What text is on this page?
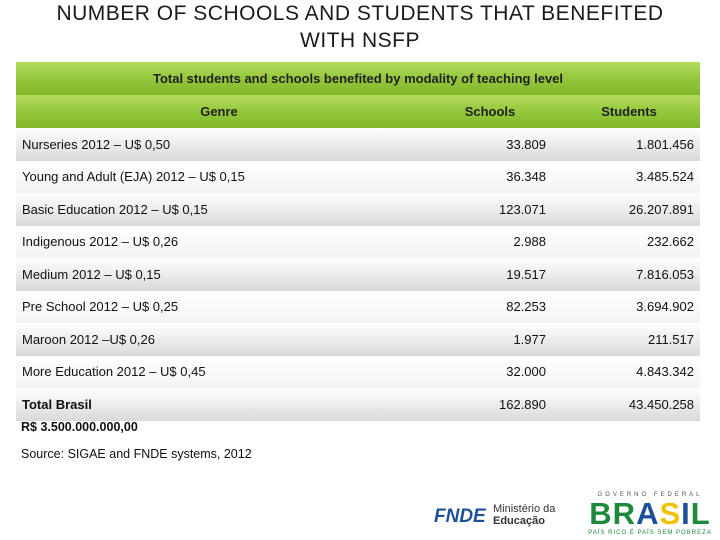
NUMBER OF SCHOOLS AND STUDENTS THAT BENEFITED
WITH NSFP
Total students and schools benefited by modality of teaching level
Genre	Schools	Students
Nurseries 2012 – U$ 0,50	33.809	1.801.456
Young and Adult (EJA) 2012 – U$ 0,15	36.348	3.485.524
Basic Education 2012 – U$ 0,15	123.071	26.207.891
Indigenous 2012 – U$ 0,26	2.988	232.662
Medium 2012 – U$ 0,15	19.517	7.816.053
Pre School 2012 – U$ 0,25	82.253	3.694.902
Maroon 2012 –U$ 0,26	1.977	211.517
More Education 2012 – U$ 0,45	32.000	4.843.342
Total Brasil	162.890	43.450.258
R$ 3.500.000.000,00
Source: SIGAE and FNDE systems, 2012
FNDE Ministério da
Educação
GOVERNO FEDERAL
BRASIL
PAÍS RICO É PAÍS SEM POBREZA
